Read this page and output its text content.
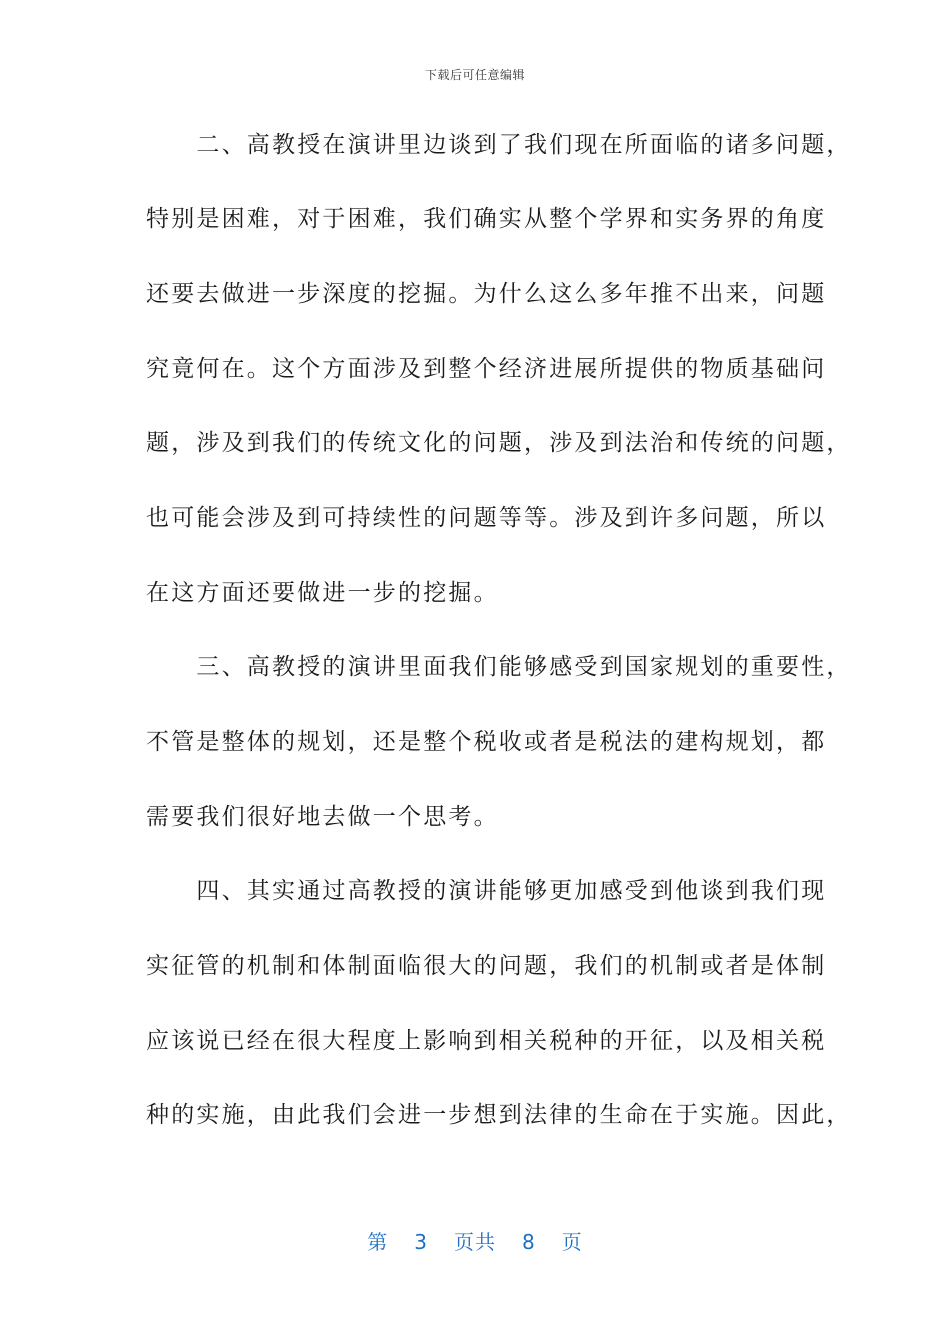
下载后可任意编辑
　　二、高教授在演讲里边谈到了我们现在所面临的诸多问题，
特别是困难，对于困难，我们确实从整个学界和实务界的角度
还要去做进一步深度的挖掘。为什么这么多年推不出来，问题
究竟何在。这个方面涉及到整个经济进展所提供的物质基础问
题，涉及到我们的传统文化的问题，涉及到法治和传统的问题，
也可能会涉及到可持续性的问题等等。涉及到许多问题，所以
在这方面还要做进一步的挖掘。
　　三、高教授的演讲里面我们能够感受到国家规划的重要性，
不管是整体的规划，还是整个税收或者是税法的建构规划，都
需要我们很好地去做一个思考。
　　四、其实通过高教授的演讲能够更加感受到他谈到我们现
实征管的机制和体制面临很大的问题，我们的机制或者是体制
应该说已经在很大程度上影响到相关税种的开征，以及相关税
种的实施，由此我们会进一步想到法律的生命在于实施。因此，
第 3 页共 8 页
